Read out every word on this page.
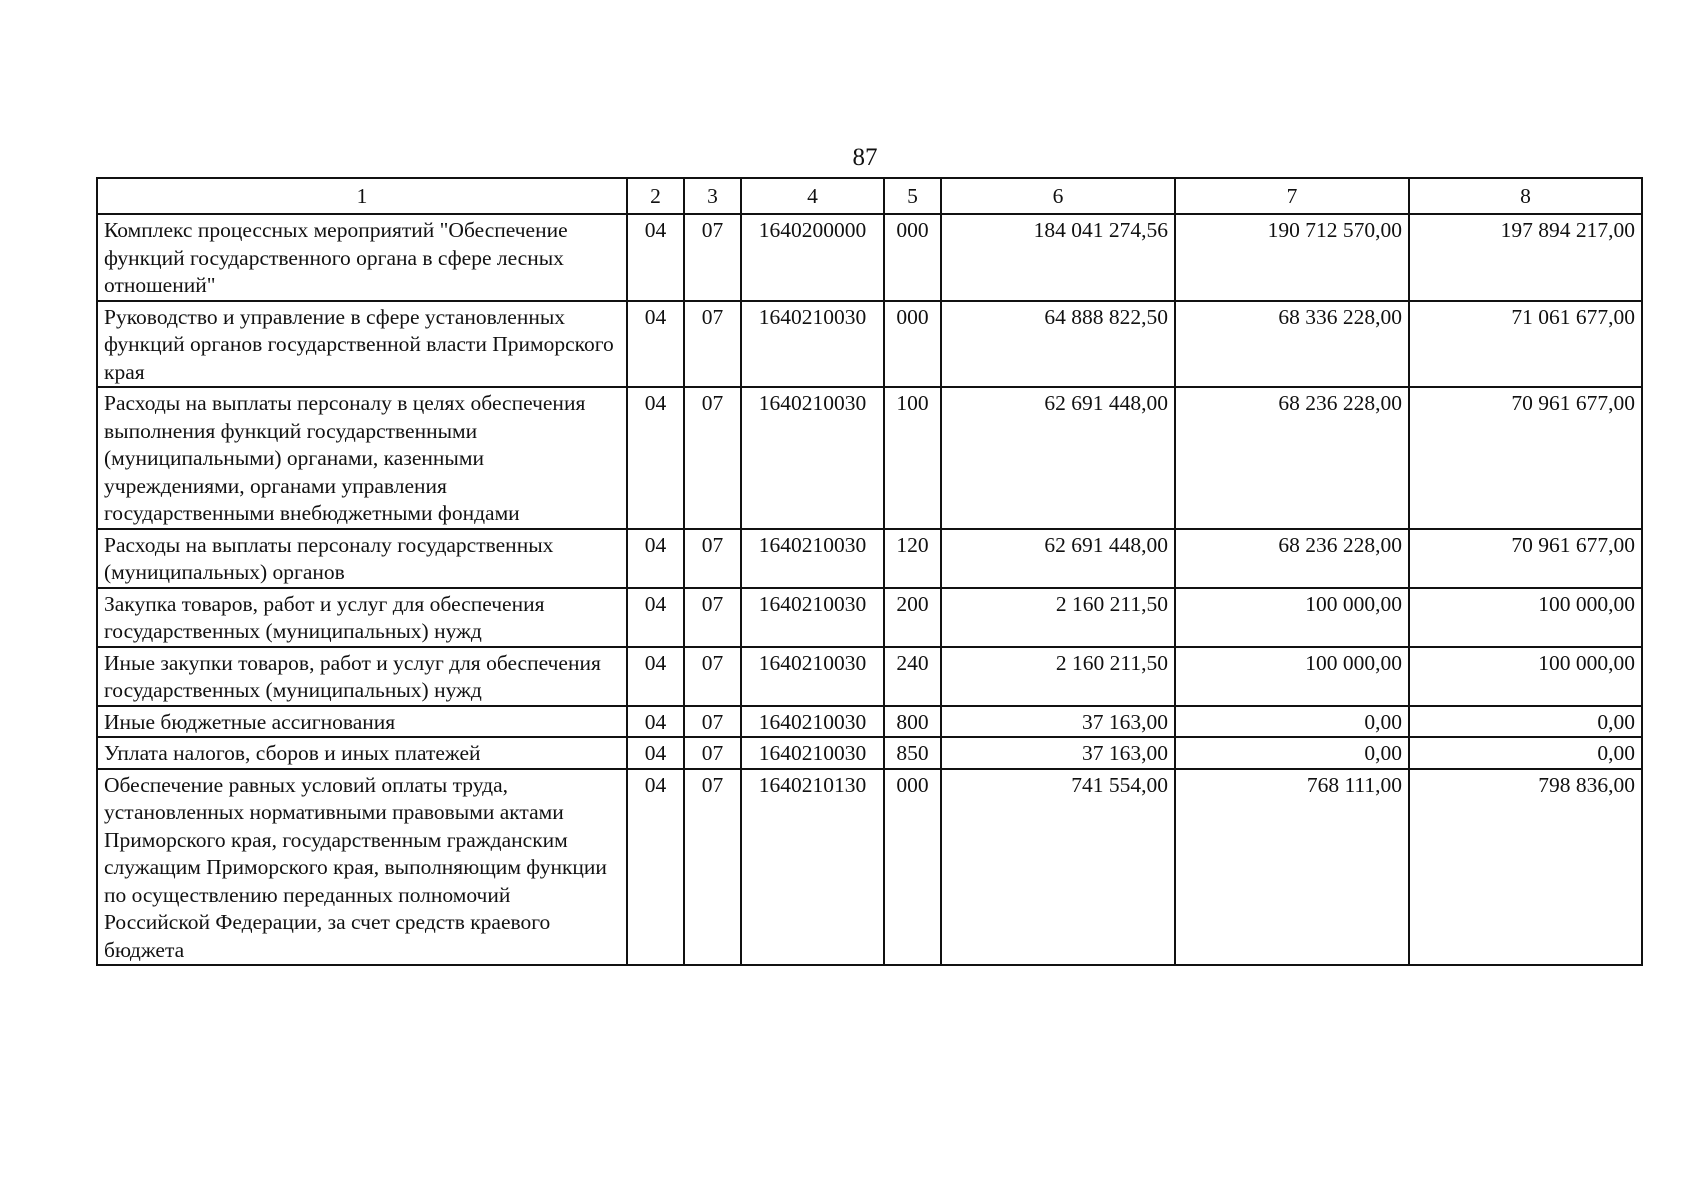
87
1	2	3	4	5	6	7	8
Комплекс процессных мероприятий "Обеспечение функций государственного органа в сфере лесных отношений"	04	07	1640200000	000	184 041 274,56	190 712 570,00	197 894 217,00
Руководство и управление в сфере установленных функций органов государственной власти Приморского края	04	07	1640210030	000	64 888 822,50	68 336 228,00	71 061 677,00
Расходы на выплаты персоналу в целях обеспечения выполнения функций государственными (муниципальными) органами, казенными учреждениями, органами управления государственными внебюджетными фондами	04	07	1640210030	100	62 691 448,00	68 236 228,00	70 961 677,00
Расходы на выплаты персоналу государственных (муниципальных) органов	04	07	1640210030	120	62 691 448,00	68 236 228,00	70 961 677,00
Закупка товаров, работ и услуг для обеспечения государственных (муниципальных) нужд	04	07	1640210030	200	2 160 211,50	100 000,00	100 000,00
Иные закупки товаров, работ и услуг для обеспечения государственных (муниципальных) нужд	04	07	1640210030	240	2 160 211,50	100 000,00	100 000,00
Иные бюджетные ассигнования	04	07	1640210030	800	37 163,00	0,00	0,00
Уплата налогов, сборов и иных платежей	04	07	1640210030	850	37 163,00	0,00	0,00
Обеспечение равных условий оплаты труда, установленных нормативными правовыми актами Приморского края, государственным гражданским служащим Приморского края, выполняющим функции по осуществлению переданных полномочий Российской Федерации, за счет средств краевого бюджета	04	07	1640210130	000	741 554,00	768 111,00	798 836,00
